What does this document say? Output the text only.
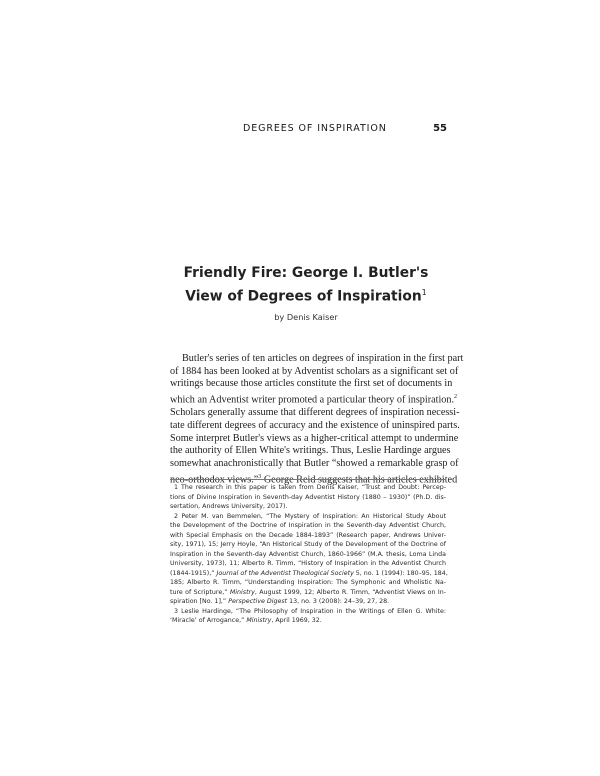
DEGREES OF INSPIRATION	55
Friendly Fire: George I. Butler's
View of Degrees of Inspiration$^1$
by Denis Kaiser

Butler's series of ten articles on degrees of inspiration in the first part
of 1884 has been looked at by Adventist scholars as a significant set of
writings because those articles constitute the first set of documents in
which an Adventist writer promoted a particular theory of inspiration.$^2$
Scholars generally assume that different degrees of inspiration necessi-
tate different degrees of accuracy and the existence of uninspired parts.
Some interpret Butler's views as a higher-critical attempt to undermine
the authority of Ellen White's writings. Thus, Leslie Hardinge argues
somewhat anachronistically that Butler “showed a remarkable grasp of
neo-orthodox views.”$^3$ George Reid suggests that his articles exhibited

1 The research in this paper is taken from Denis Kaiser, “Trust and Doubt: Percep-
tions of Divine Inspiration in Seventh-day Adventist History (1880 – 1930)” (Ph.D. dis-
sertation, Andrews University, 2017).
2 Peter M. van Bemmelen, “The Mystery of Inspiration: An Historical Study About
the Development of the Doctrine of Inspiration in the Seventh-day Adventist Church,
with Special Emphasis on the Decade 1884-1893” (Research paper, Andrews Univer-
sity, 1971), 15; Jerry Hoyle, “An Historical Study of the Development of the Doctrine of
Inspiration in the Seventh-day Adventist Church, 1860-1966” (M.A. thesis, Loma Linda
University, 1973), 11; Alberto R. Timm, “History of Inspiration in the Adventist Church
(1844-1915),” Journal of the Adventist Theological Society 5, no. 1 (1994): 180–95, 184,
185; Alberto R. Timm, “Understanding Inspiration: The Symphonic and Wholistic Na-
ture of Scripture,” Ministry, August 1999, 12; Alberto R. Timm, “Adventist Views on In-
spiration [No. 1],” Perspective Digest 13, no. 3 (2008): 24–39, 27, 28.
3 Leslie Hardinge, “The Philosophy of Inspiration in the Writings of Ellen G. White:
‘Miracle’ of Arrogance,” Ministry, April 1969, 32.
